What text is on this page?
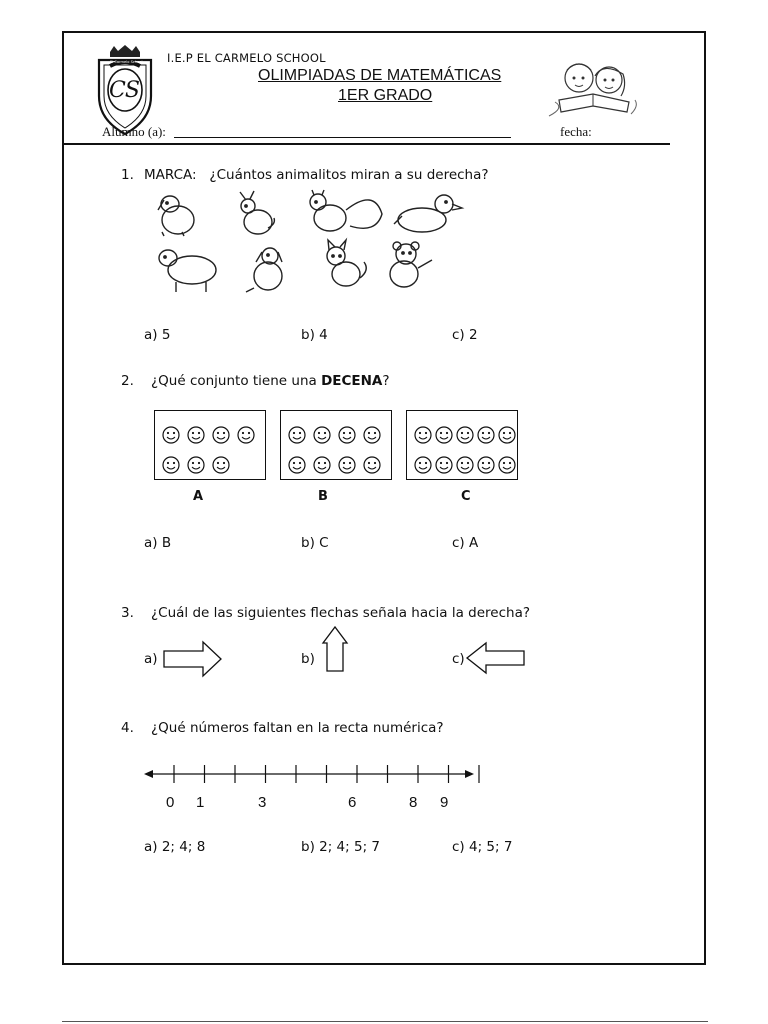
CS
El Carmelo School I.E.P EL CARMELO SCHOOL
OLIMPIADAS DE MATEMÁTICAS
1ER GRADO
Alumno (a):	fecha:
1. MARCA:   ¿Cuántos animalitos miran a su derecha?
a) 5	b) 4	c) 2
2. ¿Qué conjunto tiene una DECENA?
A	B	C
a) B	b) C	c) A
3. ¿Cuál de las siguientes flechas señala hacia la derecha?
a)	b)	c)
4. ¿Qué números faltan en la recta numérica?
0 1	3	6	8 9
a) 2; 4; 8	b) 2; 4; 5; 7	c) 4; 5; 7
